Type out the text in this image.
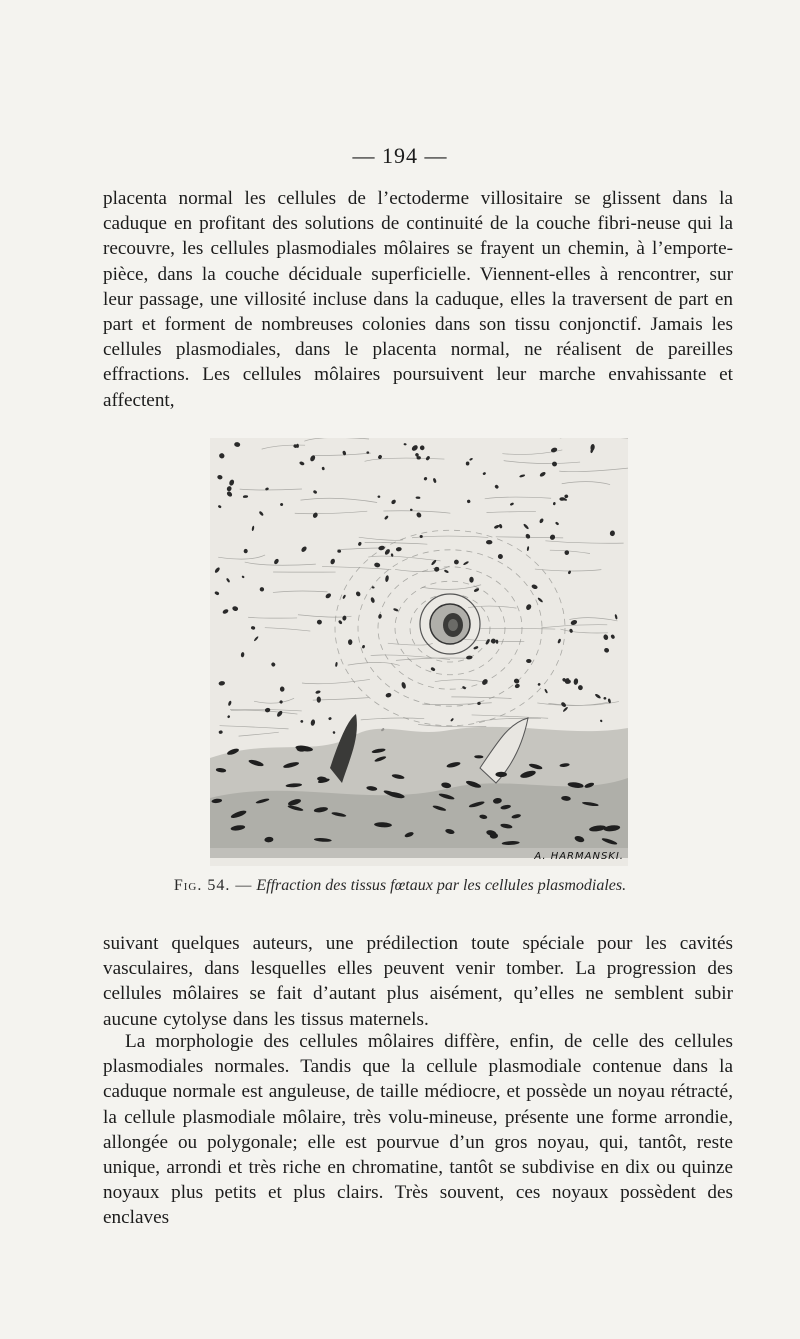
— 194 —

placenta normal les cellules de l’ectoderme villositaire se glissent dans la caduque en profitant des solutions de continuité de la couche fibri-neuse qui la recouvre, les cellules plasmodiales môlaires se frayent un chemin, à l’emporte-pièce, dans la couche déciduale superficielle. Viennent-elles à rencontrer, sur leur passage, une villosité incluse dans la caduque, elles la traversent de part en part et forment de nombreuses colonies dans son tissu conjonctif. Jamais les cellules plasmodiales, dans le placenta normal, ne réalisent de pareilles effractions. Les cellules môlaires poursuivent leur marche envahissante et affectent,

A. HARMANSKI.
Fig. 54. — Effraction des tissus fœtaux par les cellules plasmodiales.

suivant quelques auteurs, une prédilection toute spéciale pour les cavités vasculaires, dans lesquelles elles peuvent venir tomber. La progression des cellules môlaires se fait d’autant plus aisément, qu’elles ne semblent subir aucune cytolyse dans les tissus maternels.

La morphologie des cellules môlaires diffère, enfin, de celle des cellules plasmodiales normales. Tandis que la cellule plasmodiale contenue dans la caduque normale est anguleuse, de taille médiocre, et possède un noyau rétracté, la cellule plasmodiale môlaire, très volu-mineuse, présente une forme arrondie, allongée ou polygonale; elle est pourvue d’un gros noyau, qui, tantôt, reste unique, arrondi et très riche en chromatine, tantôt se subdivise en dix ou quinze noyaux plus petits et plus clairs. Très souvent, ces noyaux possèdent des enclaves
